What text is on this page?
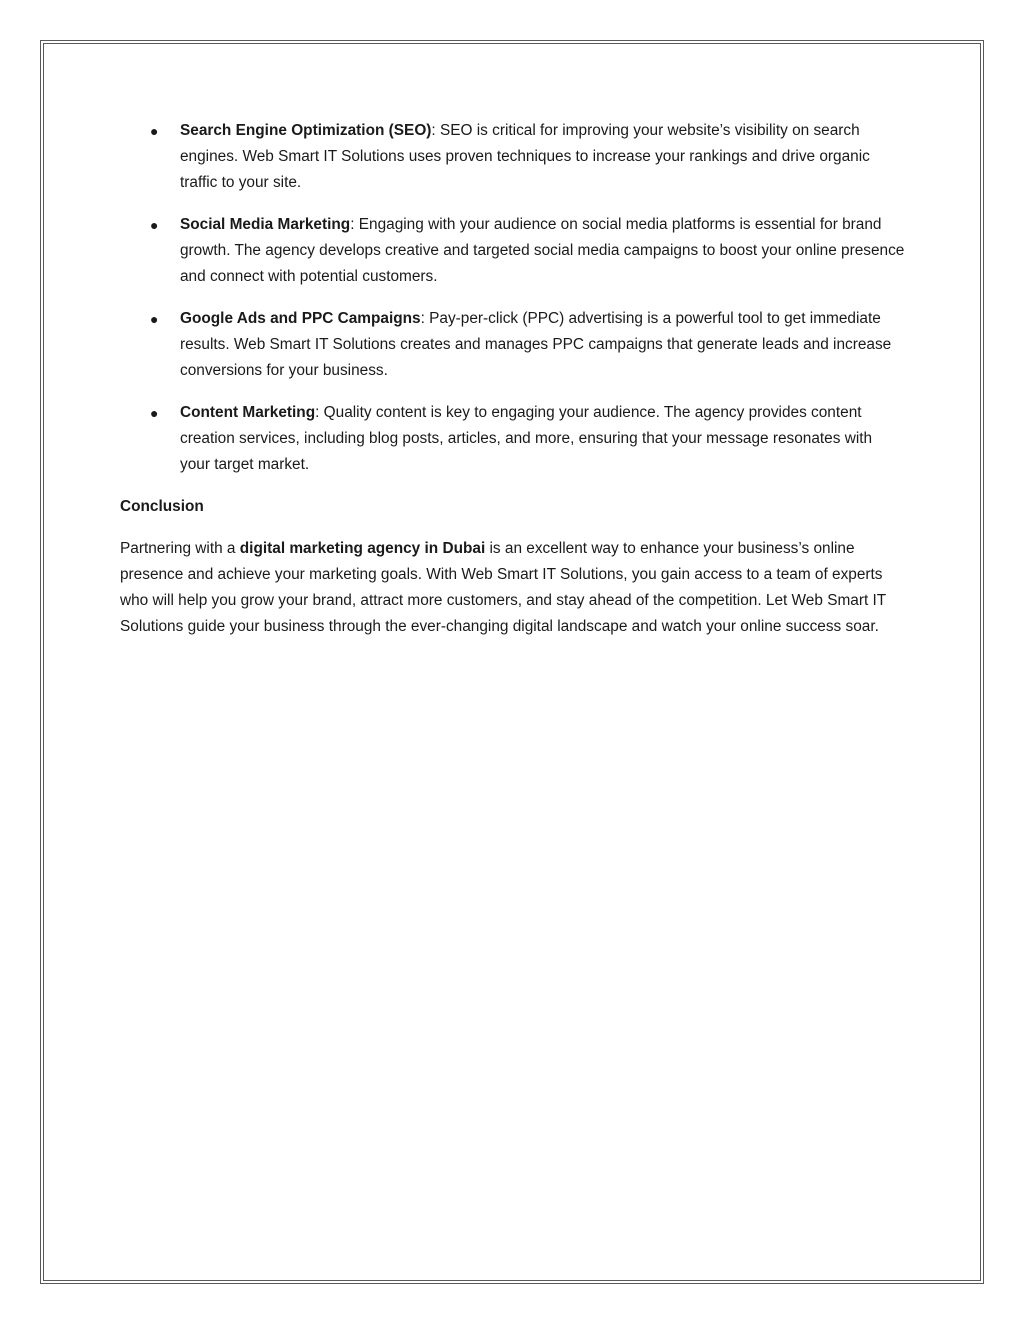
● Search Engine Optimization (SEO): SEO is critical for improving your website’s visibility on search engines. Web Smart IT Solutions uses proven techniques to increase your rankings and drive organic traffic to your site.
● Social Media Marketing: Engaging with your audience on social media platforms is essential for brand growth. The agency develops creative and targeted social media campaigns to boost your online presence and connect with potential customers.
● Google Ads and PPC Campaigns: Pay-per-click (PPC) advertising is a powerful tool to get immediate results. Web Smart IT Solutions creates and manages PPC campaigns that generate leads and increase conversions for your business.
● Content Marketing: Quality content is key to engaging your audience. The agency provides content creation services, including blog posts, articles, and more, ensuring that your message resonates with your target market.
Conclusion

Partnering with a digital marketing agency in Dubai is an excellent way to enhance your business’s online presence and achieve your marketing goals. With Web Smart IT Solutions, you gain access to a team of experts who will help you grow your brand, attract more customers, and stay ahead of the competition. Let Web Smart IT Solutions guide your business through the ever-changing digital landscape and watch your online success soar.
